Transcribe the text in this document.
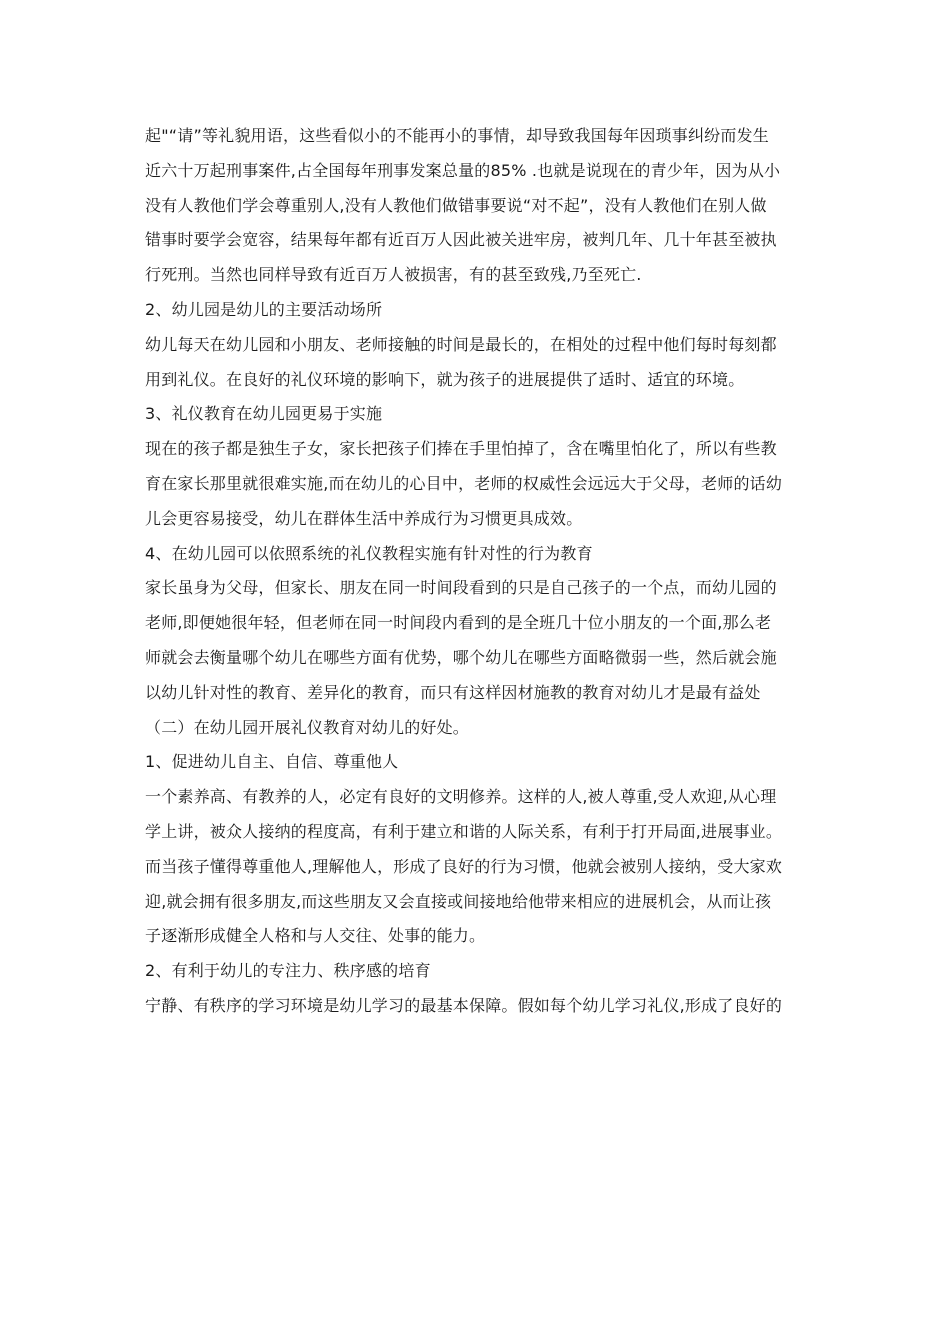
起"“请”等礼貌用语，这些看似小的不能再小的事情，却导致我国每年因琐事纠纷而发生
近六十万起刑事案件,占全国每年刑事发案总量的85% .也就是说现在的青少年，因为从小
没有人教他们学会尊重别人,没有人教他们做错事要说“对不起”，没有人教他们在别人做
错事时要学会宽容，结果每年都有近百万人因此被关进牢房，被判几年、几十年甚至被执
行死刑。当然也同样导致有近百万人被损害，有的甚至致残,乃至死亡.
2、幼儿园是幼儿的主要活动场所
幼儿每天在幼儿园和小朋友、老师接触的时间是最长的，在相处的过程中他们每时每刻都
用到礼仪。在良好的礼仪环境的影响下，就为孩子的进展提供了适时、适宜的环境。
3、礼仪教育在幼儿园更易于实施
现在的孩子都是独生子女，家长把孩子们捧在手里怕掉了，含在嘴里怕化了，所以有些教
育在家长那里就很难实施,而在幼儿的心目中，老师的权威性会远远大于父母，老师的话幼
儿会更容易接受，幼儿在群体生活中养成行为习惯更具成效。
4、在幼儿园可以依照系统的礼仪教程实施有针对性的行为教育
家长虽身为父母，但家长、朋友在同一时间段看到的只是自己孩子的一个点，而幼儿园的
老师,即便她很年轻，但老师在同一时间段内看到的是全班几十位小朋友的一个面,那么老
师就会去衡量哪个幼儿在哪些方面有优势，哪个幼儿在哪些方面略微弱一些，然后就会施
以幼儿针对性的教育、差异化的教育，而只有这样因材施教的教育对幼儿才是最有益处
（二）在幼儿园开展礼仪教育对幼儿的好处。
1、促进幼儿自主、自信、尊重他人
一个素养高、有教养的人，必定有良好的文明修养。这样的人,被人尊重,受人欢迎,从心理
学上讲，被众人接纳的程度高，有利于建立和谐的人际关系，有利于打开局面,进展事业。
而当孩子懂得尊重他人,理解他人，形成了良好的行为习惯，他就会被别人接纳，受大家欢
迎,就会拥有很多朋友,而这些朋友又会直接或间接地给他带来相应的进展机会，从而让孩
子逐渐形成健全人格和与人交往、处事的能力。
2、有利于幼儿的专注力、秩序感的培育
宁静、有秩序的学习环境是幼儿学习的最基本保障。假如每个幼儿学习礼仪,形成了良好的
